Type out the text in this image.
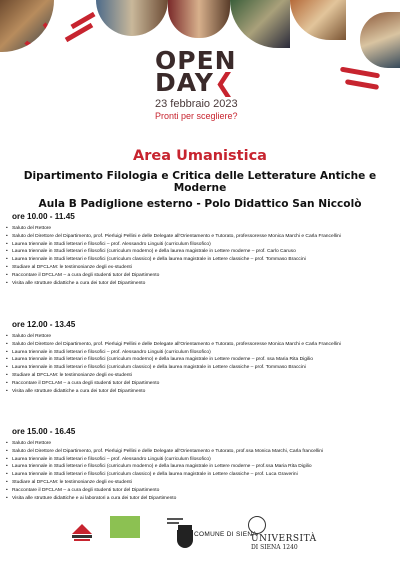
OPEN
DAY❮
23 febbraio 2023
Pronti per scegliere?
Area Umanistica
Dipartimento Filologia e Critica delle Letterature Antiche e Moderne
Aula B Padiglione esterno - Polo Didattico San Niccolò
ore 10.00 - 11.45
• Saluto del Rettore
• Saluto del Direttore del Dipartimento, prof. Pierluigi Pellini e delle Delegate all'Orientamento e Tutorato, professoresse Monica Marchi e Carla Francellini
• Laurea triennale in Studi letterari e filosofici – prof. Alessandro Linguiti (curriculum filosofico)
• Laurea triennale in Studi letterari e filosofici (curriculum moderno) e della laurea magistrale in Lettere moderne – prof. Carlo Caruso
• Laurea triennale in Studi letterari e filosofici (curriculum classico) e della laurea magistrale in Lettere classiche – prof. Tommaso Braccini
• Studiare al DFCLAM: le testimonianze degli ex-studenti
• Raccontare il DFCLAM – a cura degli studenti tutor del Dipartimento
• Visita alle strutture didattiche a cura dei tutor del Dipartimento
ore 12.00 - 13.45
• Saluto del Rettore
• Saluto del Direttore del Dipartimento, prof. Pierluigi Pellini e delle Delegate all'Orientamento e Tutorato, professoresse Monica Marchi e Carla Francellini
• Laurea triennale in Studi letterari e filosofici – prof. Alessandro Linguiti (curriculum filosofico)
• Laurea triennale in Studi letterari e filosofici (curriculum moderno) e della laurea magistrale in Lettere moderne – prof. ssa Maria Rita Digilio
• Laurea triennale in Studi letterari e filosofici (curriculum classico) e della laurea magistrale in Lettere classiche – prof. Tommaso Braccini
• Studiare al DFCLAM: le testimonianze degli ex-studenti
• Raccontare il DFCLAM – a cura degli studenti tutor del Dipartimento
• Visita alle strutture didattiche a cura dei tutor del Dipartimento
ore 15.00 - 16.45
• Saluto del Rettore
• Saluto del Direttore del Dipartimento, prof. Pierluigi Pellini e delle Delegate all'Orientamento e Tutorato, prof.ssa Monica Marchi, Carla francellini
• Laurea triennale in Studi letterari e filosofici – prof. Alessandro Linguiti (curriculum filosofico)
• Laurea triennale in Studi letterari e filosofici (curriculum moderno) e della laurea magistrale in Lettere moderne – prof.ssa Maria Rita Digilio
• Laurea triennale in Studi letterari e filosofici (curriculum classico) e della laurea magistrale in Lettere classiche – prof. Luca Graverini
• Studiare al DFCLAM: le testimonianze degli ex-studenti
• Raccontare il DFCLAM – a cura degli studenti tutor del Dipartimento
• Visita alle strutture didattiche e ai laboratori a cura dei tutor del Dipartimento
COMUNE DI SIENA

UNIVERSITÀ
DI SIENA 1240
